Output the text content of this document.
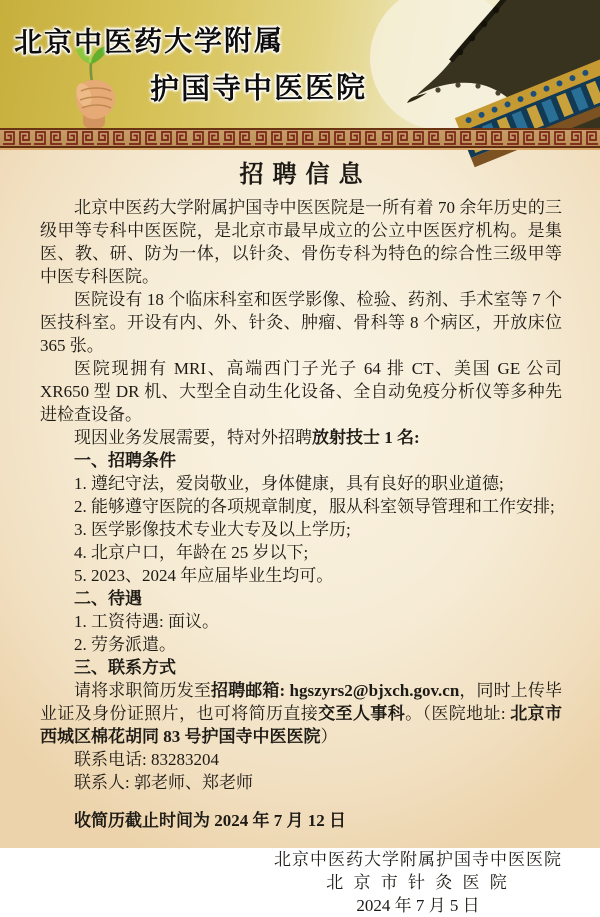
北京中医药大学附属
护国寺中医医院
招聘信息

北京中医药大学附属护国寺中医医院是一所有着 70 余年历史的三级甲等专科中医医院，是北京市最早成立的公立中医医疗机构。是集医、教、研、防为一体，以针灸、骨伤专科为特色的综合性三级甲等中医专科医院。

医院设有 18 个临床科室和医学影像、检验、药剂、手术室等 7 个医技科室。开设有内、外、针灸、肿瘤、骨科等 8 个病区，开放床位 365 张。

医院现拥有 MRI、高端西门子光子 64 排 CT、美国 GE 公司 XR650 型 DR 机、大型全自动生化设备、全自动免疫分析仪等多种先进检查设备。

现因业务发展需要，特对外招聘放射技士 1 名:

一、招聘条件

1. 遵纪守法，爱岗敬业，身体健康，具有良好的职业道德;

2. 能够遵守医院的各项规章制度，服从科室领导管理和工作安排;

3. 医学影像技术专业大专及以上学历;

4. 北京户口，年龄在 25 岁以下;

5. 2023、2024 年应届毕业生均可。

二、待遇

1. 工资待遇: 面议。

2. 劳务派遣。

三、联系方式

请将求职简历发至招聘邮箱: hgszyrs2@bjxch.gov.cn，同时上传毕业证及身份证照片，也可将简历直接交至人事科。（医院地址: 北京市西城区棉花胡同 83 号护国寺中医医院）

联系电话: 83283204

联系人: 郭老师、郑老师

收简历截止时间为 2024 年 7 月 12 日

北京中医药大学附属护国寺中医医院

北 京 市 针 灸 医 院

2024 年 7 月 5 日
